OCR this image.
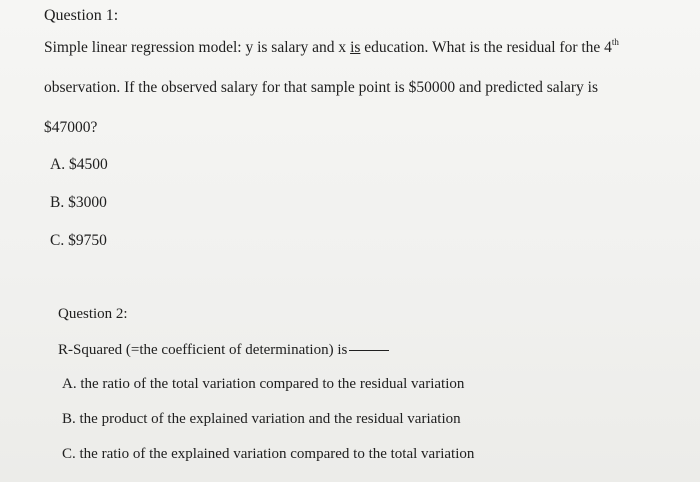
Question 1:
Simple linear regression model: y is salary and x is education. What is the residual for the 4th
observation. If the observed salary for that sample point is $50000 and predicted salary is
$47000?
A. $4500
B. $3000
C. $9750
Question 2:
R-Squared (=the coefficient of determination) is
A. the ratio of the total variation compared to the residual variation
B. the product of the explained variation and the residual variation
C. the ratio of the explained variation compared to the total variation
